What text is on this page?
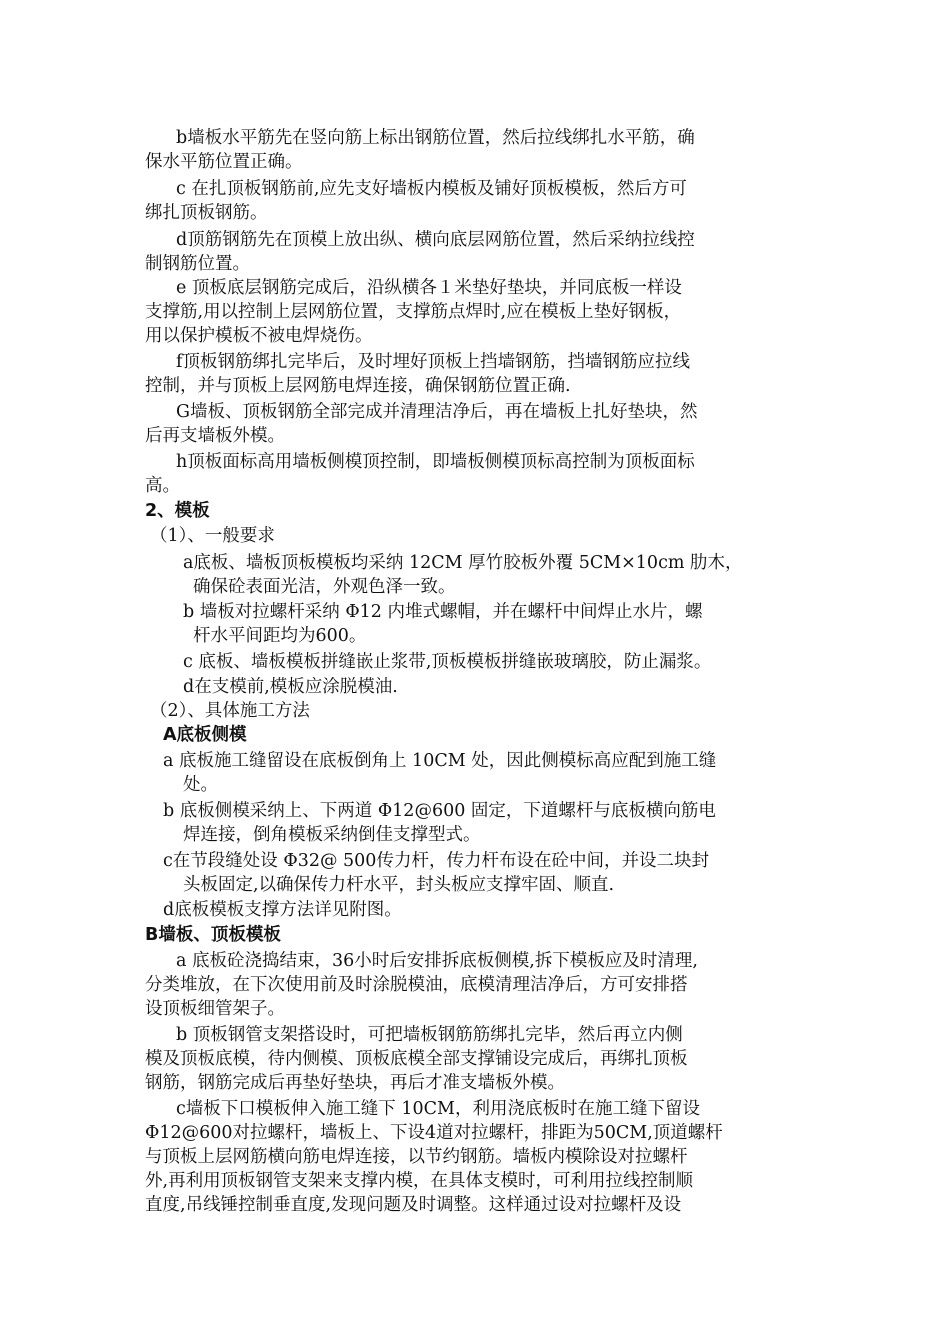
b墙板水平筋先在竖向筋上标出钢筋位置，然后拉线绑扎水平筋，确

保水平筋位置正确。

c 在扎顶板钢筋前,应先支好墙板内模板及铺好顶板模板，然后方可

绑扎顶板钢筋。

d顶筋钢筋先在顶模上放出纵、横向底层网筋位置，然后采纳拉线控

制钢筋位置。

e 顶板底层钢筋完成后，沿纵横各１米垫好垫块，并同底板一样设

支撑筋,用以控制上层网筋位置，支撑筋点焊时,应在模板上垫好钢板，

用以保护模板不被电焊烧伤。

f顶板钢筋绑扎完毕后，及时埋好顶板上挡墙钢筋，挡墙钢筋应拉线

控制，并与顶板上层网筋电焊连接，确保钢筋位置正确.

G墙板、顶板钢筋全部完成并清理洁净后，再在墙板上扎好垫块，然

后再支墙板外模。

h顶板面标高用墙板侧模顶控制，即墙板侧模顶标高控制为顶板面标

高。

2、模板

（1）、一般要求

a底板、墙板顶板模板均采纳 12CM 厚竹胶板外覆 5CM×10cm 肋木，

确保砼表面光洁，外观色泽一致。

b 墙板对拉螺杆采纳 Φ12 内堆式螺帽，并在螺杆中间焊止水片，螺

杆水平间距均为600。

c 底板、墙板模板拼缝嵌止浆带,顶板模板拼缝嵌玻璃胶，防止漏浆。

d在支模前,模板应涂脱模油.

（2）、具体施工方法

A底板侧模

a 底板施工缝留设在底板倒角上 10CM 处，因此侧模标高应配到施工缝

处。

b 底板侧模采纳上、下两道 Φ12@600 固定，下道螺杆与底板横向筋电

焊连接，倒角模板采纳倒佳支撑型式。

c在节段缝处设 Φ32@ 500传力杆，传力杆布设在砼中间，并设二块封

头板固定,以确保传力杆水平，封头板应支撑牢固、顺直.

d底板模板支撑方法详见附图。

B墙板、顶板模板

a 底板砼浇捣结束，36小时后安排拆底板侧模,拆下模板应及时清理,

分类堆放，在下次使用前及时涂脱模油，底模清理洁净后，方可安排搭

设顶板细管架子。

b 顶板钢管支架搭设时，可把墙板钢筋筋绑扎完毕，然后再立内侧

模及顶板底模，待内侧模、顶板底模全部支撑铺设完成后，再绑扎顶板

钢筋，钢筋完成后再垫好垫块，再后才准支墙板外模。

c墙板下口模板伸入施工缝下 10CM，利用浇底板时在施工缝下留设

Φ12@600对拉螺杆，墙板上、下设4道对拉螺杆，排距为50CM,顶道螺杆

与顶板上层网筋横向筋电焊连接，以节约钢筋。墙板内模除设对拉螺杆

外,再利用顶板钢管支架来支撑内模，在具体支模时，可利用拉线控制顺

直度,吊线锤控制垂直度,发现问题及时调整。这样通过设对拉螺杆及设
